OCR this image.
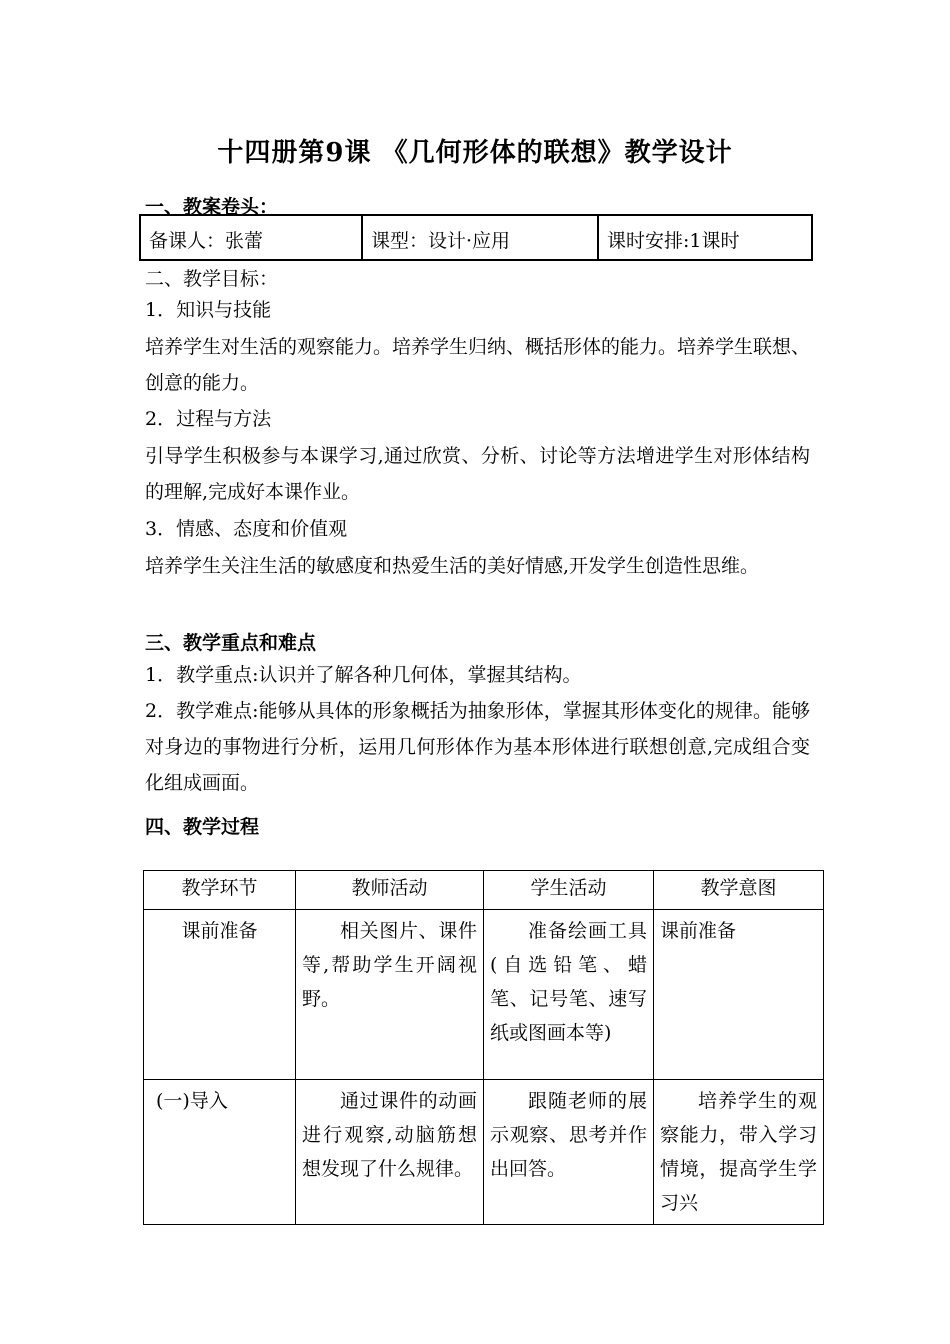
十四册第9课 《几何形体的联想》教学设计
一、教案卷头：
备课人：张蕾	课型：设计·应用	课时安排:1课时
二、教学目标：
1．知识与技能
培养学生对生活的观察能力。培养学生归纳、概括形体的能力。培养学生联想、创意的能力。
2．过程与方法
引导学生积极参与本课学习,通过欣赏、分析、讨论等方法增进学生对形体结构的理解,完成好本课作业。
3．情感、态度和价值观
培养学生关注生活的敏感度和热爱生活的美好情感,开发学生创造性思维。
三、教学重点和难点
1．教学重点:认识并了解各种几何体，掌握其结构。
2．教学难点:能够从具体的形象概括为抽象形体，掌握其形体变化的规律。能够对身边的事物进行分析，运用几何形体作为基本形体进行联想创意,完成组合变化组成画面。
四、教学过程
教学环节	教师活动	学生活动	教学意图
课前准备	相关图片、课件等,帮助学生开阔视野。	准备绘画工具(自选铅笔、蜡笔、记号笔、速写纸或图画本等)	课前准备
(一)导入	通过课件的动画进行观察,动脑筋想想发现了什么规律。	跟随老师的展示观察、思考并作出回答。	培养学生的观察能力，带入学习情境，提高学生学习兴
